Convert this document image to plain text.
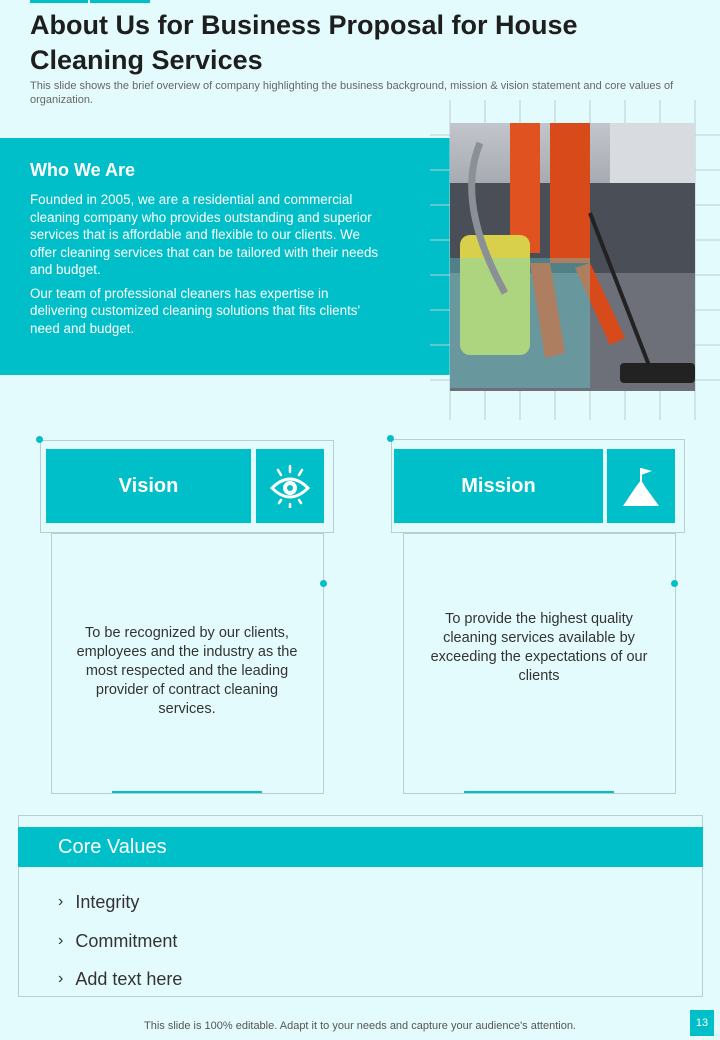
About Us for Business Proposal for House Cleaning Services

This slide shows the brief overview of company highlighting the business background, mission & vision statement and core values of organization.

Who We Are

Founded in 2005, we are a residential and commercial cleaning company who provides outstanding and superior services that is affordable and flexible to our clients. We offer cleaning services that can be tailored with their needs and budget.

Our team of professional cleaners has expertise in delivering customized cleaning solutions that fits clients' need and budget.

Vision

To be recognized by our clients, employees and the industry as the most respected and the leading provider of contract cleaning services.

Mission

To provide the highest quality cleaning services available by exceeding the expectations of our clients

Core Values
› Integrity
› Commitment
› Add text here
This slide is 100% editable. Adapt it to your needs and capture your audience's attention.	13
